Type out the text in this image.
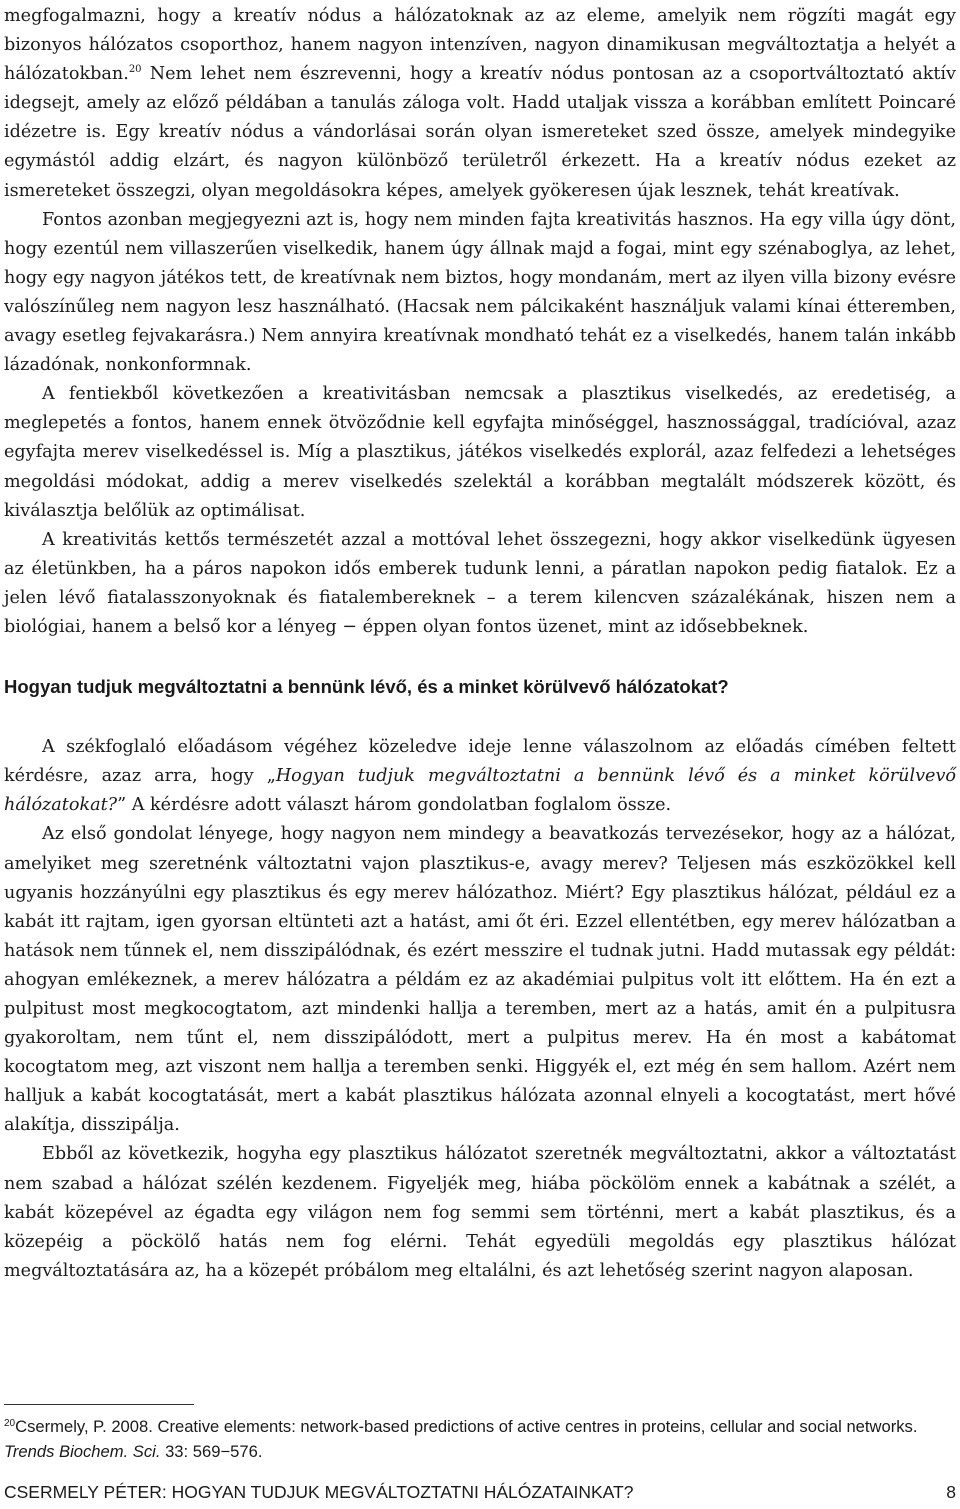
megfogalmazni, hogy a kreatív nódus a hálózatoknak az az eleme, amelyik nem rögzíti magát egy bizonyos hálózatos csoporthoz, hanem nagyon intenzíven, nagyon dinamikusan megváltoztatja a helyét a hálózatokban.$^{20}$ Nem lehet nem észrevenni, hogy a kreatív nódus pontosan az a csoportváltoztató aktív idegsejt, amely az előző példában a tanulás záloga volt. Hadd utaljak vissza a korábban említett Poincaré idézetre is. Egy kreatív nódus a vándorlásai során olyan ismereteket szed össze, amelyek mindegyike egymástól addig elzárt, és nagyon különböző területről érkezett. Ha a kreatív nódus ezeket az ismereteket összegzi, olyan megoldásokra képes, amelyek gyökeresen újak lesznek, tehát kreatívak.

Fontos azonban megjegyezni azt is, hogy nem minden fajta kreativitás hasznos. Ha egy villa úgy dönt, hogy ezentúl nem villaszerűen viselkedik, hanem úgy állnak majd a fogai, mint egy szénaboglya, az lehet, hogy egy nagyon játékos tett, de kreatívnak nem biztos, hogy mondanám, mert az ilyen villa bizony evésre valószínűleg nem nagyon lesz használható. (Hacsak nem pálcikaként használjuk valami kínai étteremben, avagy esetleg fejvakarásra.) Nem annyira kreatívnak mondható tehát ez a viselkedés, hanem talán inkább lázadónak, nonkonformnak.

A fentiekből következően a kreativitásban nemcsak a plasztikus viselkedés, az eredetiség, a meglepetés a fontos, hanem ennek ötvöződnie kell egyfajta minőséggel, hasznossággal, tradícióval, azaz egyfajta merev viselkedéssel is. Míg a plasztikus, játékos viselkedés explorál, azaz felfedezi a lehetséges megoldási módokat, addig a merev viselkedés szelektál a korábban megtalált módszerek között, és kiválasztja belőlük az optimálisat.

A kreativitás kettős természetét azzal a mottóval lehet összegezni, hogy akkor viselkedünk ügyesen az életünkben, ha a páros napokon idős emberek tudunk lenni, a páratlan napokon pedig fiatalok. Ez a jelen lévő fiatalasszonyoknak és fiatalembereknek – a terem kilencven százalékának, hiszen nem a biológiai, hanem a belső kor a lényeg − éppen olyan fontos üzenet, mint az idősebbeknek.

Hogyan tudjuk megváltoztatni a bennünk lévő, és a minket körülvevő hálózatokat?

A székfoglaló előadásom végéhez közeledve ideje lenne válaszolnom az előadás címében feltett kérdésre, azaz arra, hogy „Hogyan tudjuk megváltoztatni a bennünk lévő és a minket körülvevő hálózatokat?” A kérdésre adott választ három gondolatban foglalom össze.

Az első gondolat lényege, hogy nagyon nem mindegy a beavatkozás tervezésekor, hogy az a hálózat, amelyiket meg szeretnénk változtatni vajon plasztikus-e, avagy merev? Teljesen más eszközökkel kell ugyanis hozzányúlni egy plasztikus és egy merev hálózathoz. Miért? Egy plasztikus hálózat, például ez a kabát itt rajtam, igen gyorsan eltünteti azt a hatást, ami őt éri. Ezzel ellentétben, egy merev hálózatban a hatások nem tűnnek el, nem disszipálódnak, és ezért messzire el tudnak jutni. Hadd mutassak egy példát: ahogyan emlékeznek, a merev hálózatra a példám ez az akadémiai pulpitus volt itt előttem. Ha én ezt a pulpitust most megkocogtatom, azt mindenki hallja a teremben, mert az a hatás, amit én a pulpitusra gyakoroltam, nem tűnt el, nem disszipálódott, mert a pulpitus merev. Ha én most a kabátomat kocogtatom meg, azt viszont nem hallja a teremben senki. Higgyék el, ezt még én sem hallom. Azért nem halljuk a kabát kocogtatását, mert a kabát plasztikus hálózata azonnal elnyeli a kocogtatást, mert hővé alakítja, disszipálja.

Ebből az következik, hogyha egy plasztikus hálózatot szeretnék megváltoztatni, akkor a változtatást nem szabad a hálózat szélén kezdenem. Figyeljék meg, hiába pöckölöm ennek a kabátnak a szélét, a kabát közepével az égadta egy világon nem fog semmi sem történni, mert a kabát plasztikus, és a közepéig a pöckölő hatás nem fog elérni. Tehát egyedüli megoldás egy plasztikus hálózat megváltoztatására az, ha a közepét próbálom meg eltalálni, és azt lehetőség szerint nagyon alaposan.

$^{20}$Csermely, P. 2008. Creative elements: network-based predictions of active centres in proteins, cellular and social networks. Trends Biochem. Sci. 33: 569−576.
CSERMELY PÉTER: HOGYAN TUDJUK MEGVÁLTOZTATNI HÁLÓZATAINKAT?	8
